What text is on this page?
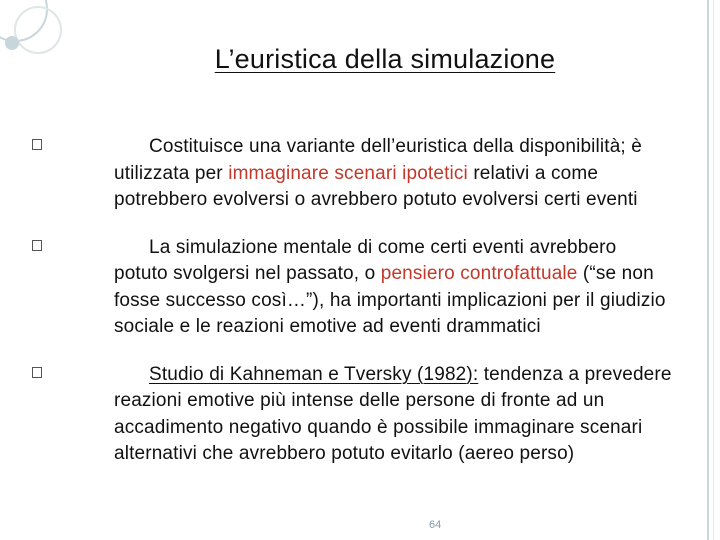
L’euristica della simulazione
Costituisce una variante dell’euristica della disponibilità; è utilizzata per immaginare scenari ipotetici relativi a come potrebbero evolversi o avrebbero potuto evolversi certi eventi
La simulazione mentale di come certi eventi avrebbero potuto svolgersi nel passato, o pensiero controfattuale (“se non fosse successo così…”), ha importanti implicazioni per il giudizio sociale e le reazioni emotive ad eventi drammatici
Studio di Kahneman e Tversky (1982): tendenza a prevedere reazioni emotive più intense delle persone di fronte ad un accadimento negativo quando è possibile immaginare scenari alternativi che avrebbero potuto evitarlo (aereo perso)
64
